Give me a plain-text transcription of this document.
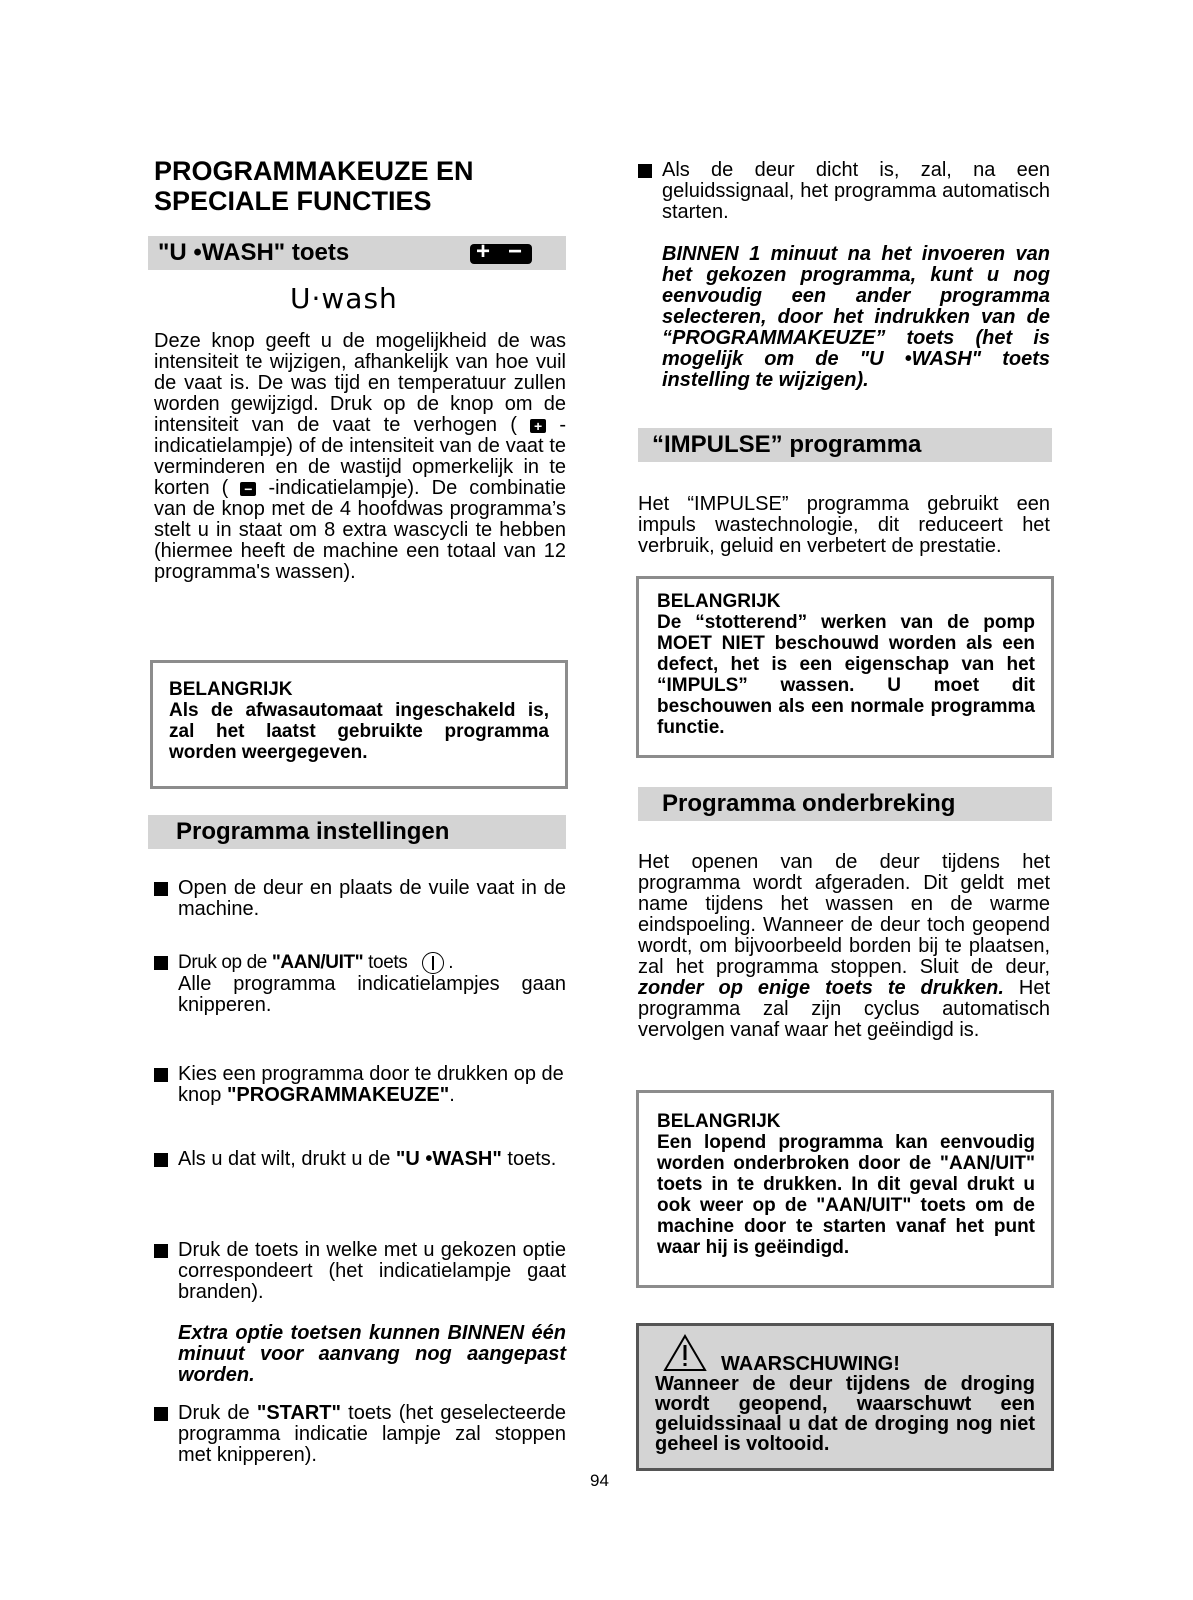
PROGRAMMAKEUZE EN
SPECIALE FUNCTIES
"U •WASH" toets	+ −
U·wash
Deze knop geeft u de mogelijkheid de was intensiteit te wijzigen, afhankelijk van hoe vuil de vaat is. De was tijd en temperatuur zullen worden gewijzigd. Druk op de knop om de intensiteit van de vaat te verhogen ( + -indicatielampje) of de intensiteit van de vaat te verminderen en de wastijd opmerkelijk in te korten ( − -indicatielampje). De combinatie van de knop met de 4 hoofdwas programma’s stelt u in staat om 8 extra wascycli te hebben (hiermee heeft de machine een totaal van 12 programma's wassen).
BELANGRIJK
Als de afwasautomaat ingeschakeld is, zal het laatst gebruikte programma worden weergegeven.
Programma instellingen
Open de deur en plaats de vuile vaat in de machine.
Druk op de "AAN/UIT" toets .
Alle programma indicatielampjes gaan knipperen.
Kies een programma door te drukken op de knop "PROGRAMMAKEUZE".
Als u dat wilt, drukt u de "U •WASH" toets.
Druk de toets in welke met u gekozen optie correspondeert (het indicatielampje gaat branden).
Extra optie toetsen kunnen BINNEN één minuut voor aanvang nog aangepast worden.
Druk de "START" toets (het geselecteerde programma indicatie lampje zal stoppen met knipperen).
Als de deur dicht is, zal, na een geluidssignaal, het programma automatisch starten.
BINNEN 1 minuut na het invoeren van het gekozen programma, kunt u nog eenvoudig een ander programma selecteren, door het indrukken van de “PROGRAMMAKEUZE” toets (het is mogelijk om de "U •WASH" toets instelling te wijzigen).
“IMPULSE” programma
Het “IMPULSE” programma gebruikt een impuls wastechnologie, dit reduceert het verbruik, geluid en verbetert de prestatie.
BELANGRIJK
De “stotterend” werken van de pomp MOET NIET beschouwd worden als een defect, het is een eigenschap van het “IMPULS” wassen. U moet dit beschouwen als een normale programma functie.
Programma onderbreking
Het openen van de deur tijdens het programma wordt afgeraden. Dit geldt met name tijdens het wassen en de warme eindspoeling. Wanneer de deur toch geopend wordt, om bijvoorbeeld borden bij te plaatsen, zal het programma stoppen. Sluit de deur, zonder op enige toets te drukken. Het programma zal zijn cyclus automatisch vervolgen vanaf waar het geëindigd is.
BELANGRIJK
Een lopend programma kan eenvoudig worden onderbroken door de "AAN/UIT" toets in te drukken. In dit geval drukt u ook weer op de "AAN/UIT" toets om de machine door te starten vanaf het punt waar hij is geëindigd.
WAARSCHUWING!
Wanneer de deur tijdens de droging wordt geopend, waarschuwt een geluidssinaal u dat de droging nog niet geheel is voltooid.
94
